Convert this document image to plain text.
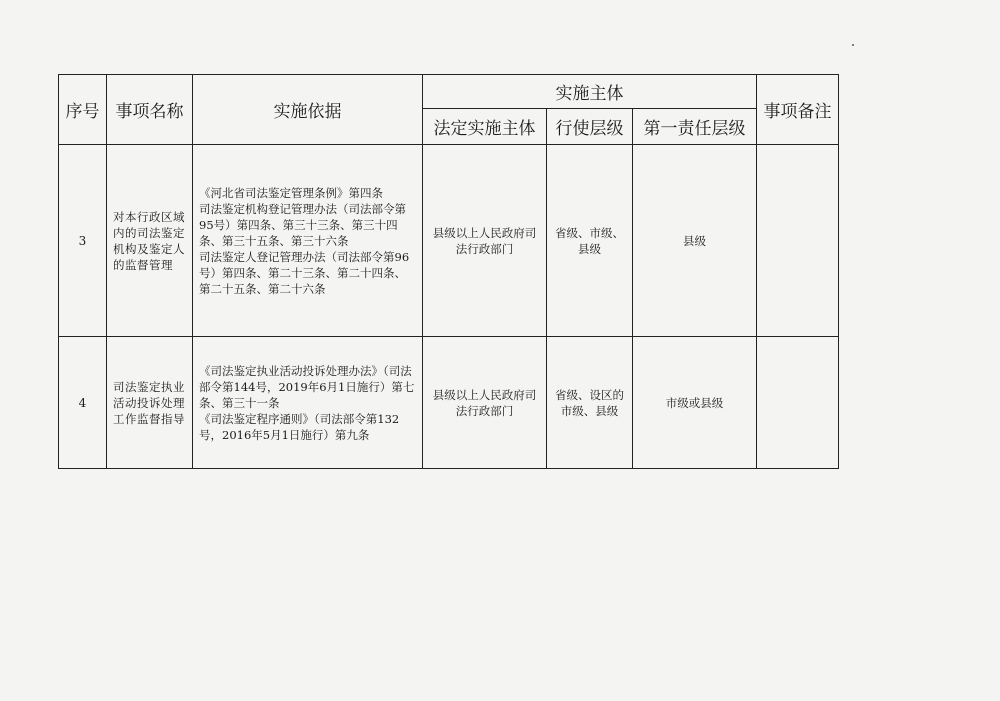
序号	事项名称	实施依据	实施主体			事项备注
			法定实施主体	行使层级	第一责任层级	
3	对本行政区域内的司法鉴定机构及鉴定人的监督管理	《河北省司法鉴定管理条例》第四条

司法鉴定机构登记管理办法（司法部令第95号）第四条、第三十三条、第三十四条、第三十五条、第三十六条

司法鉴定人登记管理办法（司法部令第96号）第四条、第二十三条、第二十四条、第二十五条、第二十六条	县级以上人民政府司法行政部门	省级、市级、县级	县级	
4	司法鉴定执业活动投诉处理工作监督指导	《司法鉴定执业活动投诉处理办法》（司法部令第144号，2019年6月1日施行）第七条、第三十一条

《司法鉴定程序通则》（司法部令第132号，2016年5月1日施行）第九条	县级以上人民政府司法行政部门	省级、设区的市级、县级	市级或县级	
